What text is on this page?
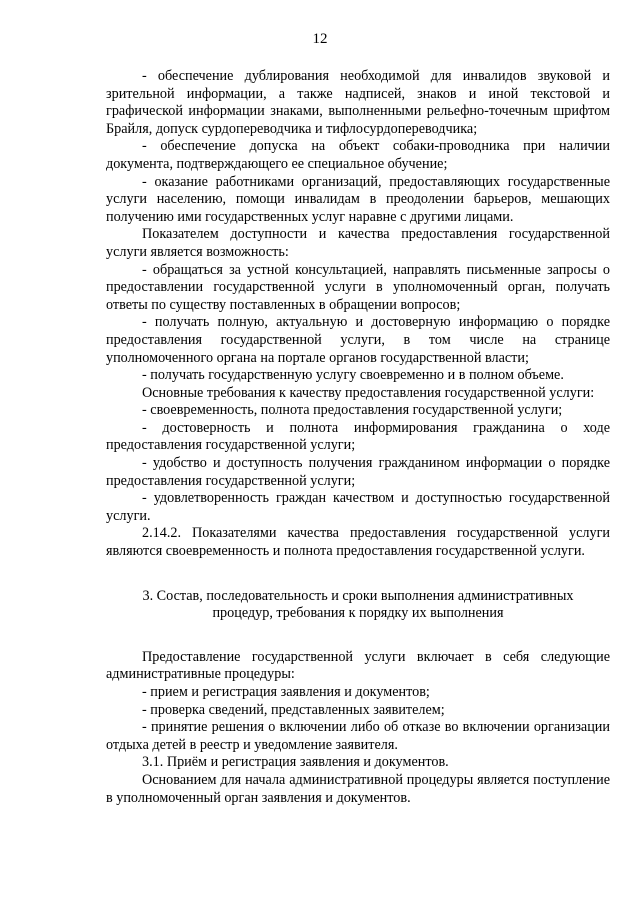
12

- обеспечение дублирования необходимой для инвалидов звуковой и зрительной информации, а также надписей, знаков и иной текстовой и графической информации знаками, выполненными рельефно-точечным шрифтом Брайля, допуск сурдопереводчика и тифлосурдопереводчика;

- обеспечение допуска на объект собаки-проводника при наличии документа, подтверждающего ее специальное обучение;

- оказание работниками организаций, предоставляющих государственные услуги населению, помощи инвалидам в преодолении барьеров, мешающих получению ими государственных услуг наравне с другими лицами.

Показателем доступности и качества предоставления государственной услуги является возможность:

- обращаться за устной консультацией, направлять письменные запросы о предоставлении государственной услуги в уполномоченный орган, получать ответы по существу поставленных в обращении вопросов;

- получать полную, актуальную и достоверную информацию о порядке предоставления государственной услуги, в том числе на странице уполномоченного органа на портале органов государственной власти;

- получать государственную услугу своевременно и в полном объеме.

Основные требования к качеству предоставления государственной услуги:

- своевременность, полнота предоставления государственной услуги;

- достоверность и полнота информирования гражданина о ходе предоставления государственной услуги;

- удобство и доступность получения гражданином информации о порядке предоставления государственной услуги;

- удовлетворенность граждан качеством и доступностью государственной услуги.

2.14.2. Показателями качества предоставления государственной услуги являются своевременность и полнота предоставления государственной услуги.

3. Состав, последовательность и сроки выполнения административных

процедур, требования к порядку их выполнения

Предоставление государственной услуги включает в себя следующие административные процедуры:

- прием и регистрация заявления и документов;

- проверка сведений, представленных заявителем;

- принятие решения о включении либо об отказе во включении организации отдыха детей в реестр и уведомление заявителя.

3.1. Приём и регистрация заявления и документов.

Основанием для начала административной процедуры является поступление в уполномоченный орган заявления и документов.
